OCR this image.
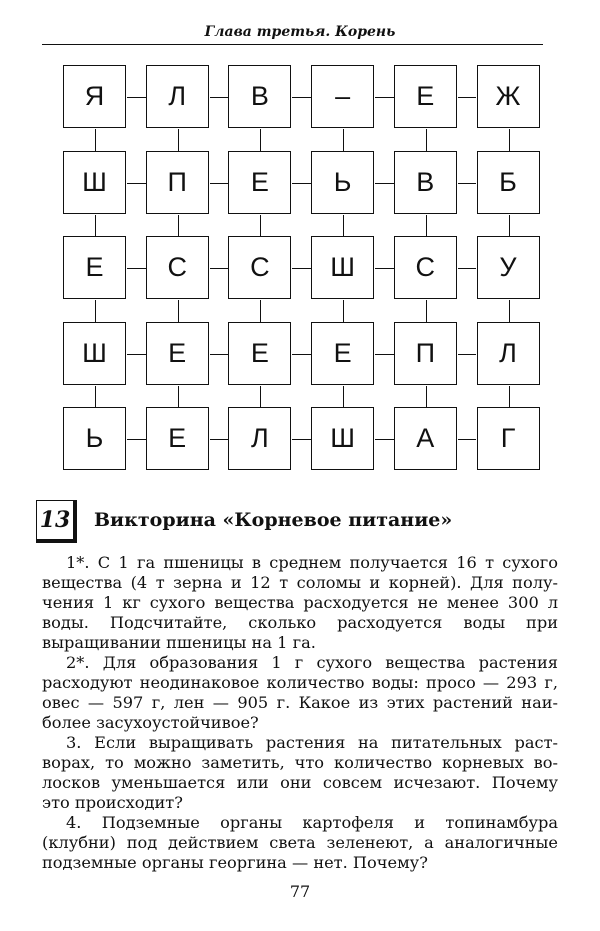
Глава третья. Корень
Я	Л	В	–	Е	Ж
Ш	П	Е	Ь	В	Б
Е	С	С	Ш	С	У
Ш	Е	Е	Е	П	Л
Ь	Е	Л	Ш	А	Г
13	Викторина «Корневое питание»
1*. С 1 га пшеницы в среднем получается 16 т сухого
вещества (4 т зерна и 12 т соломы и корней). Для полу-
чения 1 кг сухого вещества расходуется не менее 300 л
воды. Подсчитайте, сколько расходуется воды при
выращивании пшеницы на 1 га.
2*. Для образования 1 г сухого вещества растения
расходуют неодинаковое количество воды: просо — 293 г,
овес — 597 г, лен — 905 г. Какое из этих растений наи-
более засухоустойчивое?
3. Если выращивать растения на питательных раст-
ворах, то можно заметить, что количество корневых во-
лосков уменьшается или они совсем исчезают. Почему
это происходит?
4. Подземные органы картофеля и топинамбура
(клубни) под действием света зеленеют, а аналогичные
подземные органы георгина — нет. Почему?
77
